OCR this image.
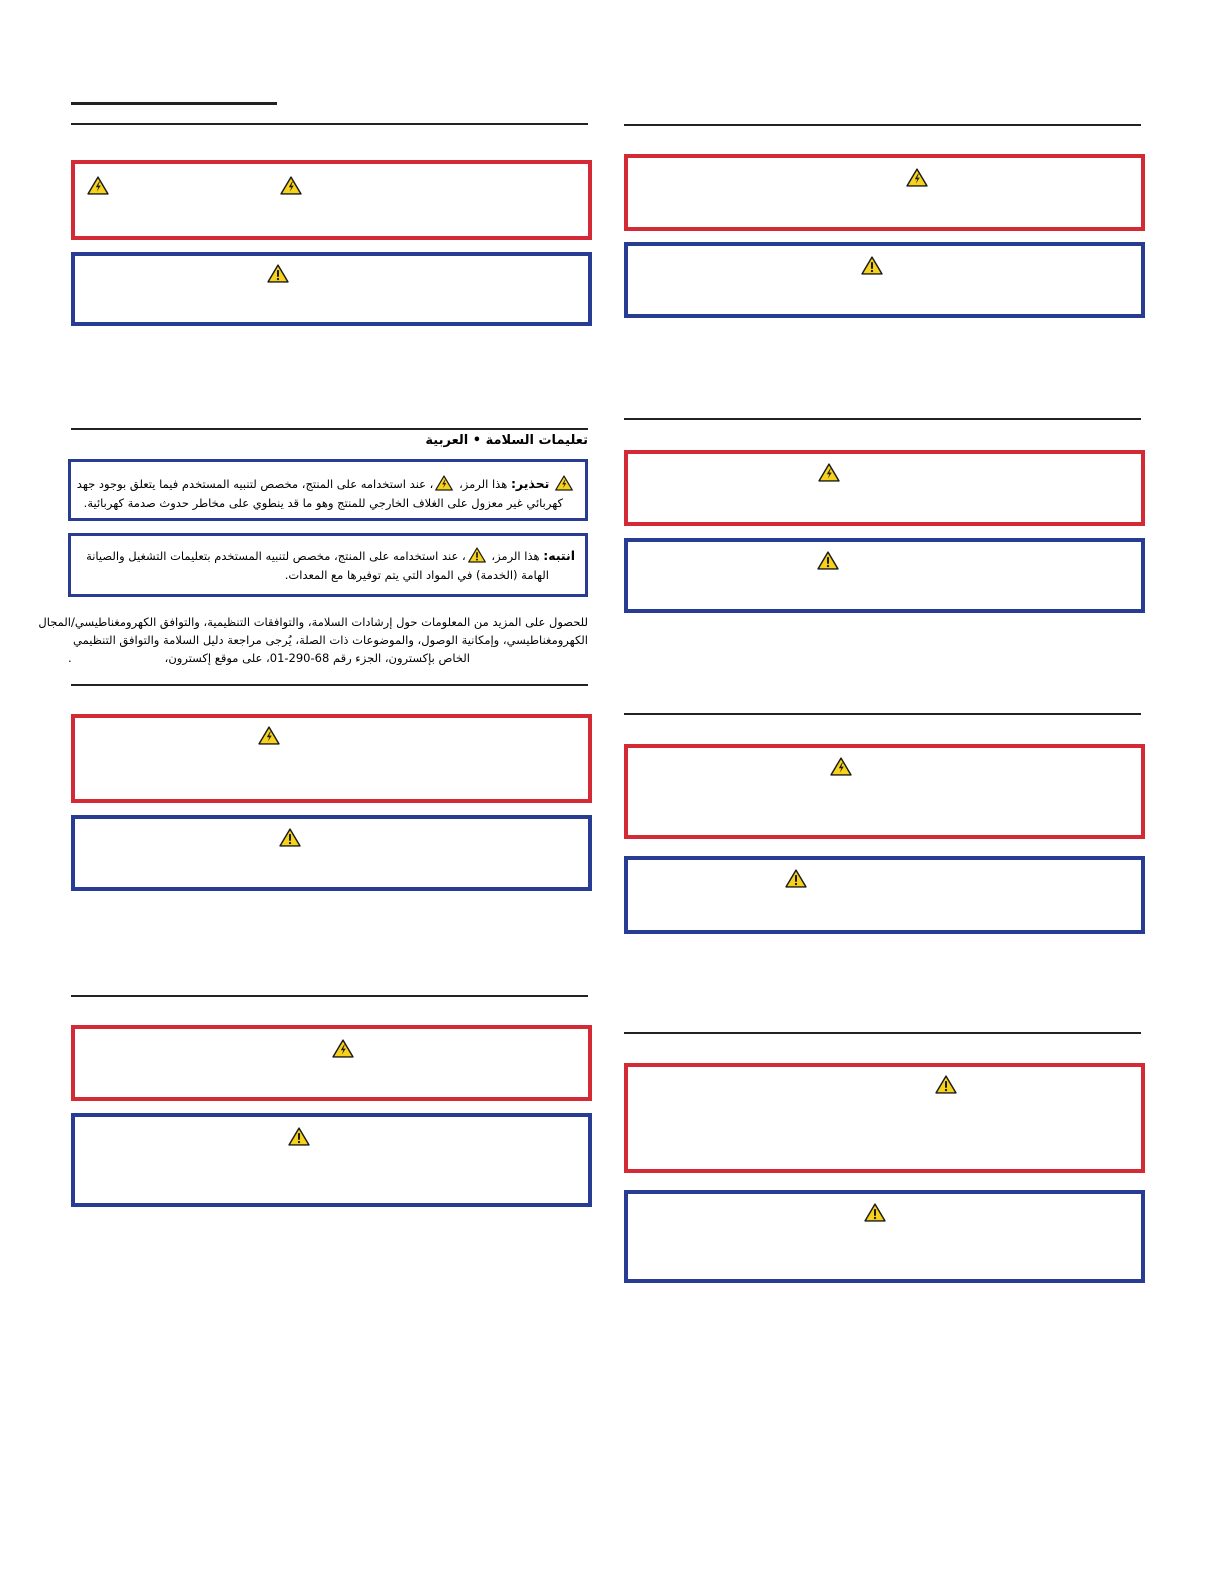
تعليمات السلامة • العربية
تحذير: هذا الرمز،
، عند استخدامه على المنتج، مخصص لتنبيه المستخدم فيما يتعلق بوجود جهد
كهربائي غير معزول على الغلاف الخارجي للمنتج وهو ما قد ينطوي على مخاطر حدوث صدمة كهربائية.
انتبه: هذا الرمز،
، عند استخدامه على المنتج، مخصص لتنبيه المستخدم بتعليمات التشغيل والصيانة
الهامة (الخدمة) في المواد التي يتم توفيرها مع المعدات.
للحصول على المزيد من المعلومات حول إرشادات السلامة، والتوافقات التنظيمية، والتوافق الكهرومغناطيسي/المجال
الكهرومغناطيسي، وإمكانية الوصول، والموضوعات ذات الصلة، يُرجى مراجعة دليل السلامة والتوافق التنظيمي
الخاص بإكسترون، الجزء رقم 68-290-01، على موقع إكسترون،
.
